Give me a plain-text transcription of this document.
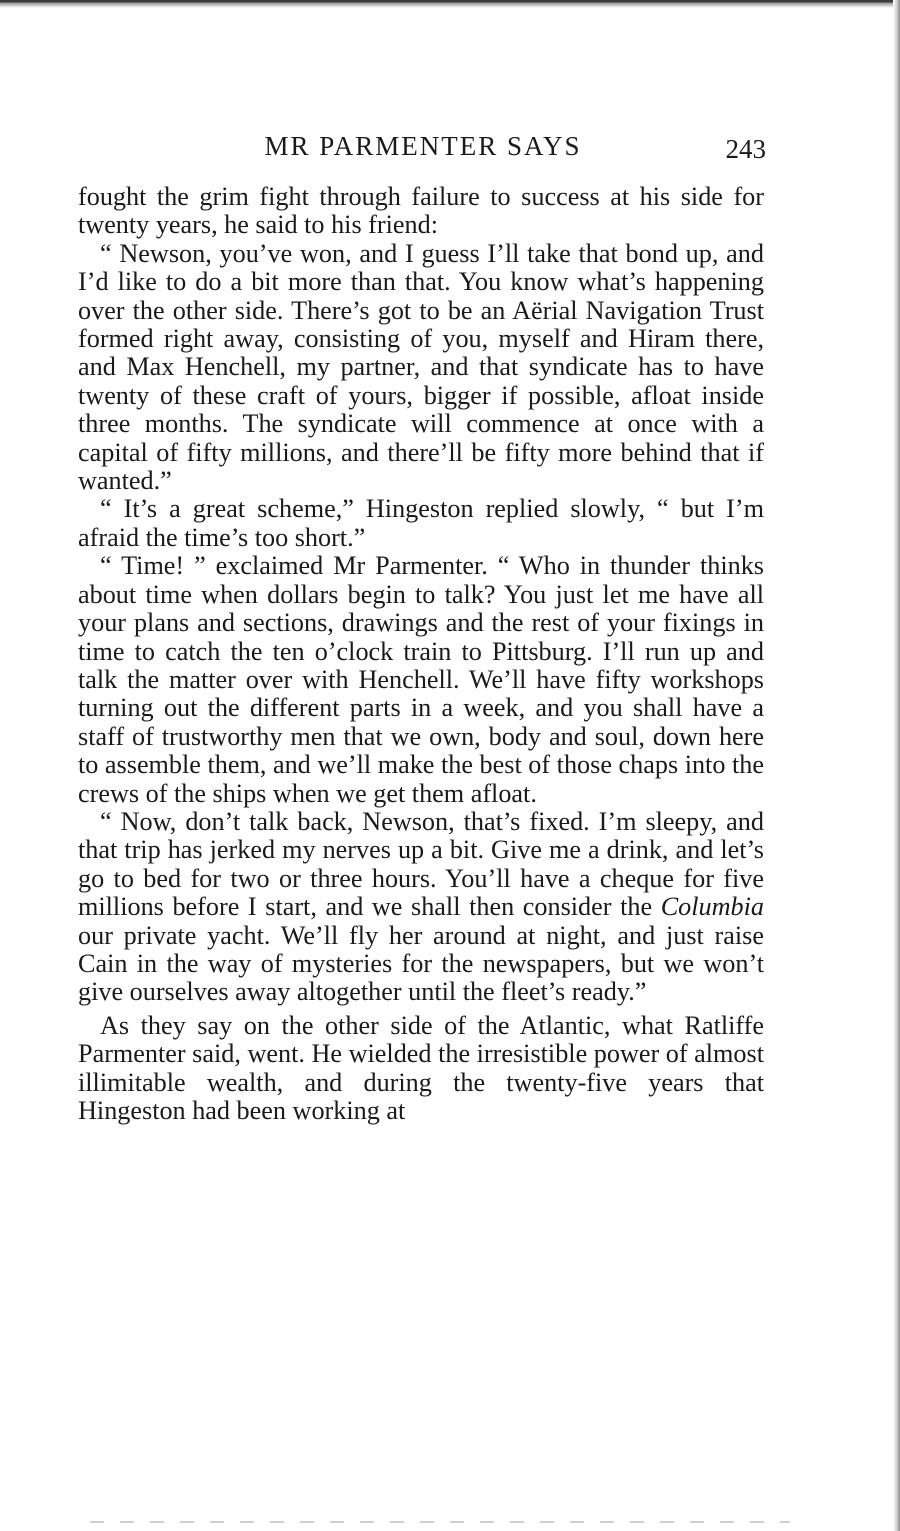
MR PARMENTER SAYS	243

fought the grim fight through failure to success at his side for twenty years, he said to his friend:

“ Newson, you’ve won, and I guess I’ll take that bond up, and I’d like to do a bit more than that. You know what’s happening over the other side. There’s got to be an Aërial Navigation Trust formed right away, consisting of you, myself and Hiram there, and Max Henchell, my partner, and that syndicate has to have twenty of these craft of yours, bigger if possible, afloat inside three months. The syndicate will commence at once with a capital of fifty millions, and there’ll be fifty more behind that if wanted.”

“ It’s a great scheme,” Hingeston replied slowly, “ but I’m afraid the time’s too short.”

“ Time! ” exclaimed Mr Parmenter. “ Who in thunder thinks about time when dollars begin to talk? You just let me have all your plans and sections, drawings and the rest of your fixings in time to catch the ten o’clock train to Pittsburg. I’ll run up and talk the matter over with Henchell. We’ll have fifty workshops turning out the different parts in a week, and you shall have a staff of trustworthy men that we own, body and soul, down here to assemble them, and we’ll make the best of those chaps into the crews of the ships when we get them afloat.

“ Now, don’t talk back, Newson, that’s fixed. I’m sleepy, and that trip has jerked my nerves up a bit. Give me a drink, and let’s go to bed for two or three hours. You’ll have a cheque for five millions before I start, and we shall then consider the Columbia our private yacht. We’ll fly her around at night, and just raise Cain in the way of mysteries for the newspapers, but we won’t give ourselves away altogether until the fleet’s ready.”

As they say on the other side of the Atlantic, what Ratliffe Parmenter said, went. He wielded the irresistible power of almost illimitable wealth, and during the twenty-five years that Hingeston had been working at
